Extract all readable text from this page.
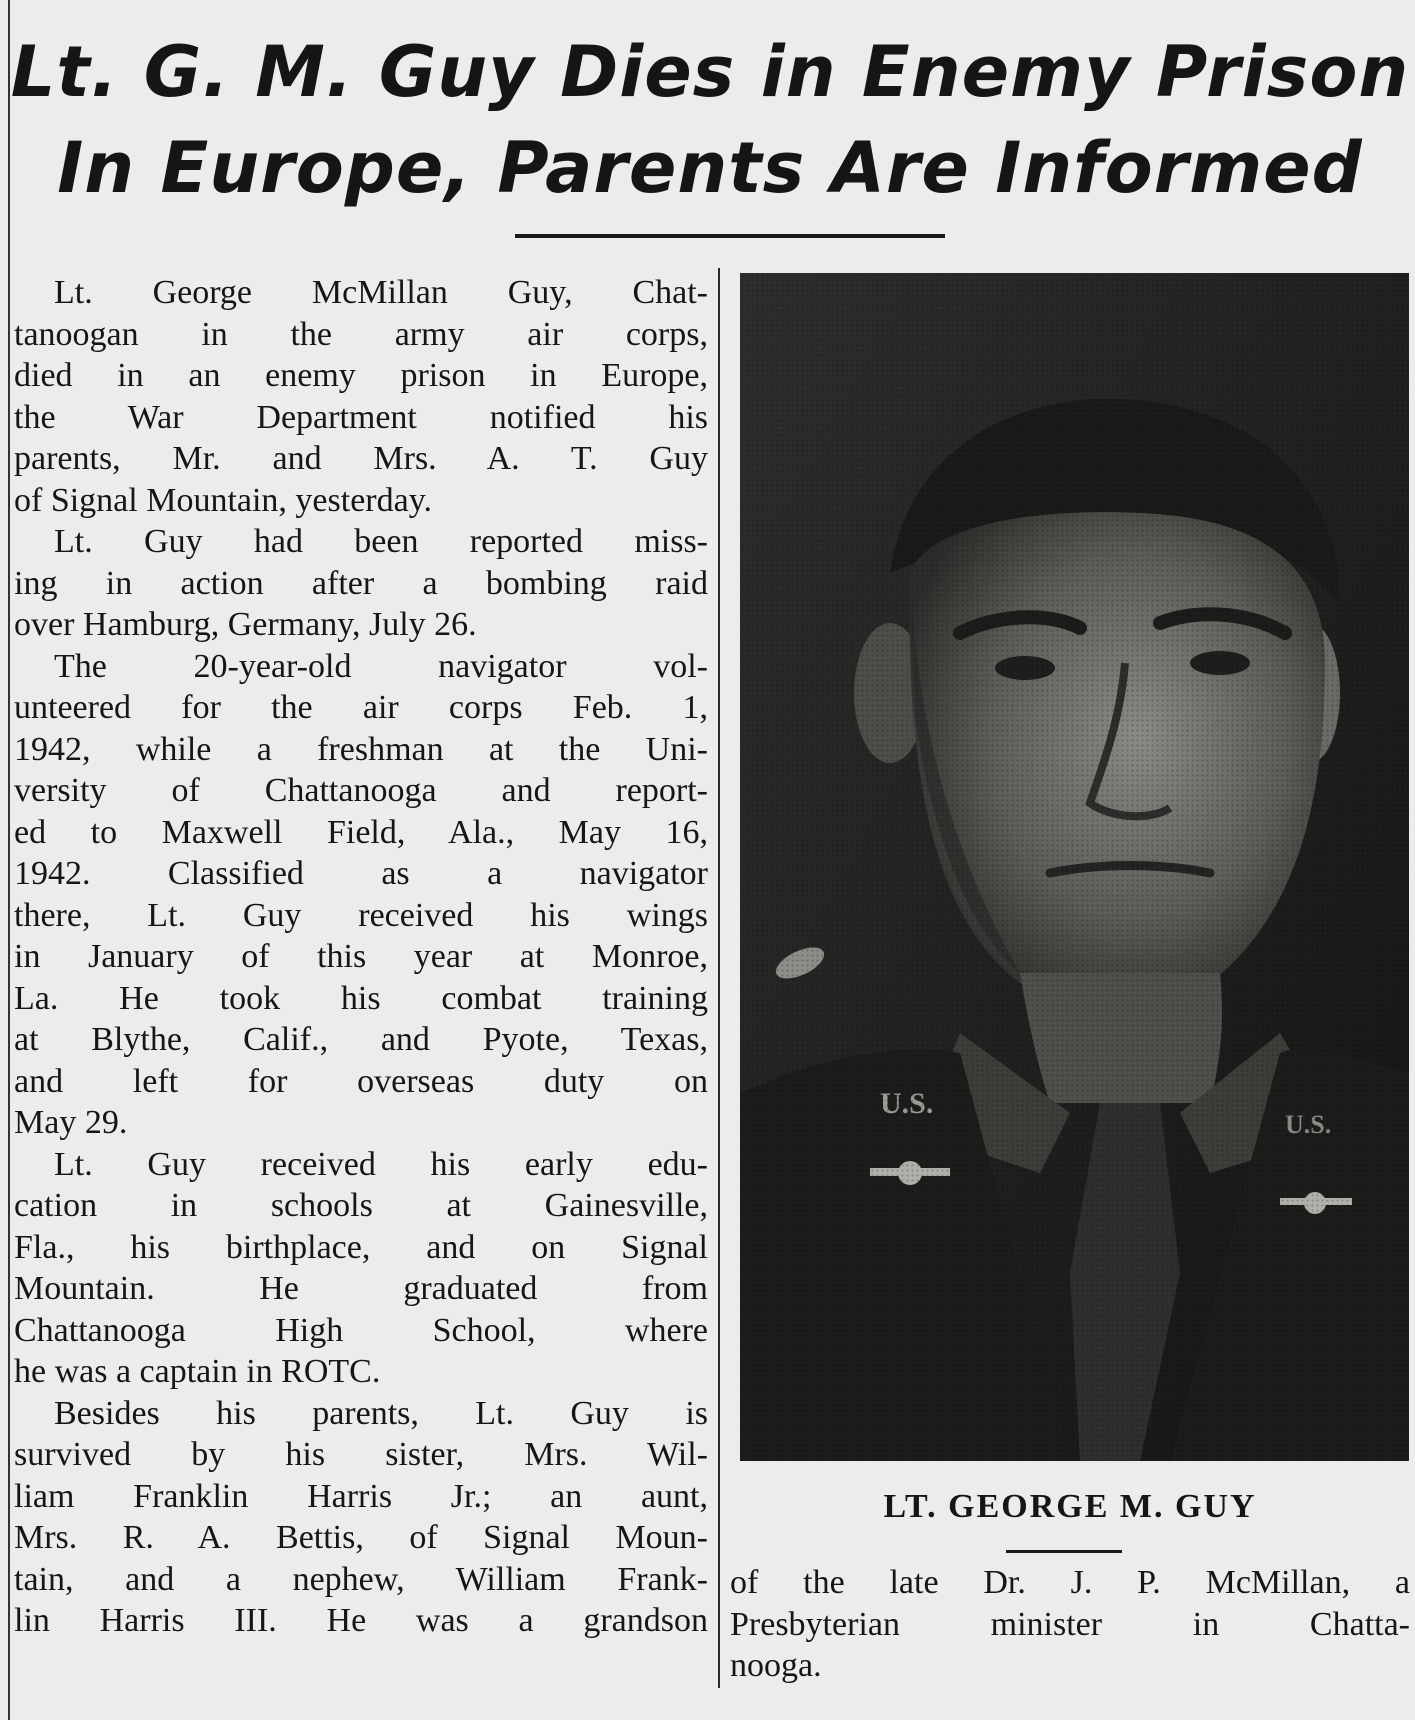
Lt. G. M. Guy Dies in Enemy Prison
In Europe, Parents Are Informed
Lt. George McMillan Guy, Chat-
tanoogan in the army air corps,
died in an enemy prison in Europe,
the War Department notified his
parents, Mr. and Mrs. A. T. Guy
of Signal Mountain, yesterday.
Lt. Guy had been reported miss-
ing in action after a bombing raid
over Hamburg, Germany, July 26.
The 20-year-old navigator vol-
unteered for the air corps Feb. 1,
1942, while a freshman at the Uni-
versity of Chattanooga and report-
ed to Maxwell Field, Ala., May 16,
1942. Classified as a navigator
there, Lt. Guy received his wings
in January of this year at Monroe,
La. He took his combat training
at Blythe, Calif., and Pyote, Texas,
and left for overseas duty on
May 29.
Lt. Guy received his early edu-
cation in schools at Gainesville,
Fla., his birthplace, and on Signal
Mountain. He graduated from
Chattanooga High School, where
he was a captain in ROTC.
Besides his parents, Lt. Guy is
survived by his sister, Mrs. Wil-
liam Franklin Harris Jr.; an aunt,
Mrs. R. A. Bettis, of Signal Moun-
tain, and a nephew, William Frank-
lin Harris III. He was a grandson
LT. GEORGE M. GUY
of the late Dr. J. P. McMillan, a
Presbyterian minister in Chatta-
nooga.
